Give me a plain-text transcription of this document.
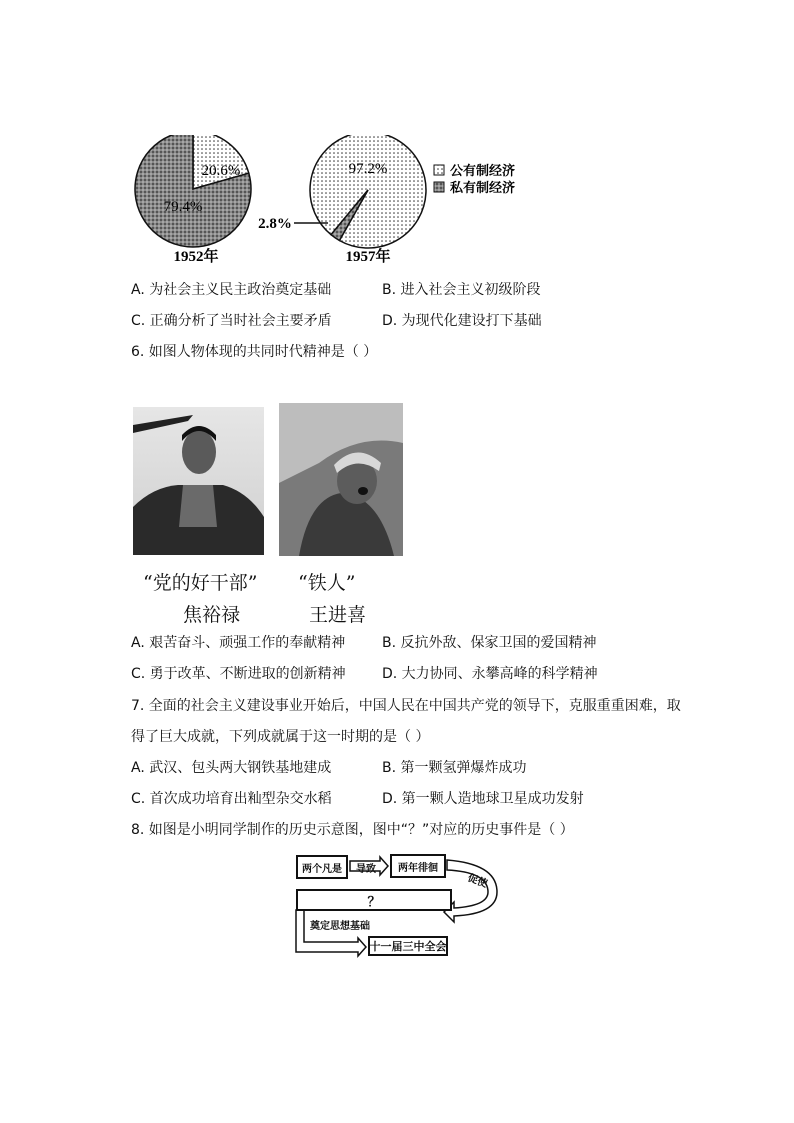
1952年	1957年
20.6%
79.4%
97.2%
2.8%
公有制经济
私有制经济
A. 为社会主义民主政治奠定基础	B. 进入社会主义初级阶段
C. 正确分析了当时社会主要矛盾	D. 为现代化建设打下基础
6. 如图人物体现的共同时代精神是（ ）
“党的好干部” “铁人”
焦裕禄	王进喜
A. 艰苦奋斗、顽强工作的奉献精神	B. 反抗外敌、保家卫国的爱国精神
C. 勇于改革、不断进取的创新精神	D. 大力协同、永攀高峰的科学精神
7. 全面的社会主义建设事业开始后，中国人民在中国共产党的领导下，克服重重困难，取
得了巨大成就，下列成就属于这一时期的是（ ）
A. 武汉、包头两大钢铁基地建成	B. 第一颗氢弹爆炸成功
C. 首次成功培育出籼型杂交水稻	D. 第一颗人造地球卫星成功发射
8. 如图是小明同学制作的历史示意图，图中“？”对应的历史事件是（ ）
两个凡是	导致	两年徘徊
促使
？
奠定思想基础
十一届三中全会
